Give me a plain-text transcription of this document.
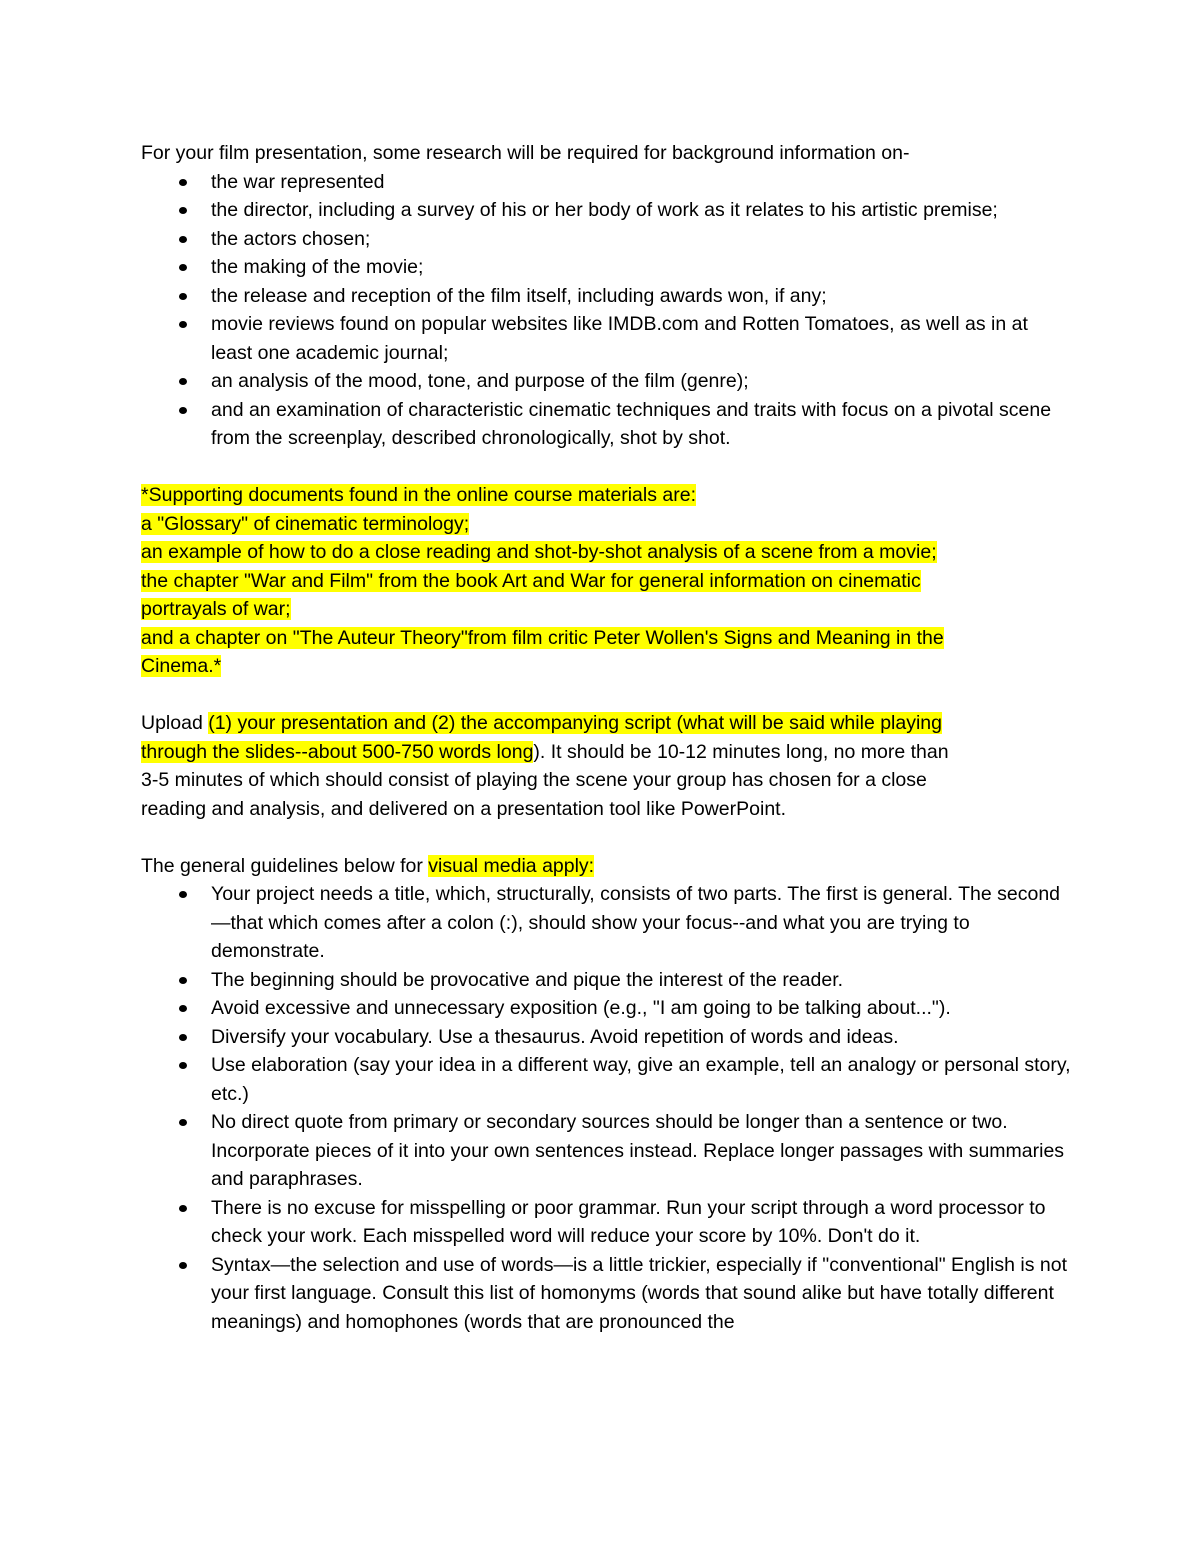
For your film presentation, some research will be required for background information on-

the war represented
the director, including a survey of his or her body of work as it relates to his artistic premise;
the actors chosen;
the making of the movie;
the release and reception of the film itself, including awards won, if any;
movie reviews found on popular websites like IMDB.com and Rotten Tomatoes, as well as in at least one academic journal;
an analysis of the mood, tone, and purpose of the film (genre);
and an examination of characteristic cinematic techniques and traits with focus on a pivotal scene from the screenplay, described chronologically, shot by shot.
*Supporting documents found in the online course materials are:
a "Glossary" of cinematic terminology;
an example of how to do a close reading and shot-by-shot analysis of a scene from a movie;
the chapter "War and Film" from the book Art and War for general information on cinematic
portrayals of war;
and a chapter on "The Auteur Theory"from film critic Peter Wollen's Signs and Meaning in the
Cinema.*
Upload (1) your presentation and (2) the accompanying script (what will be said while playing
through the slides--about 500-750 words long). It should be 10-12 minutes long, no more than
3-5 minutes of which should consist of playing the scene your group has chosen for a close
reading and analysis, and delivered on a presentation tool like PowerPoint.

The general guidelines below for visual media apply:

Your project needs a title, which, structurally, consists of two parts. The first is general. The second—that which comes after a colon (:), should show your focus--and what you are trying to demonstrate.
The beginning should be provocative and pique the interest of the reader.
Avoid excessive and unnecessary exposition (e.g., "I am going to be talking about...").
Diversify your vocabulary. Use a thesaurus. Avoid repetition of words and ideas.
Use elaboration (say your idea in a different way, give an example, tell an analogy or personal story, etc.)
No direct quote from primary or secondary sources should be longer than a sentence or two. Incorporate pieces of it into your own sentences instead. Replace longer passages with summaries and paraphrases.
There is no excuse for misspelling or poor grammar. Run your script through a word processor to check your work. Each misspelled word will reduce your score by 10%. Don't do it.
Syntax—the selection and use of words—is a little trickier, especially if "conventional" English is not your first language. Consult this list of homonyms (words that sound alike but have totally different meanings) and homophones (words that are pronounced the
